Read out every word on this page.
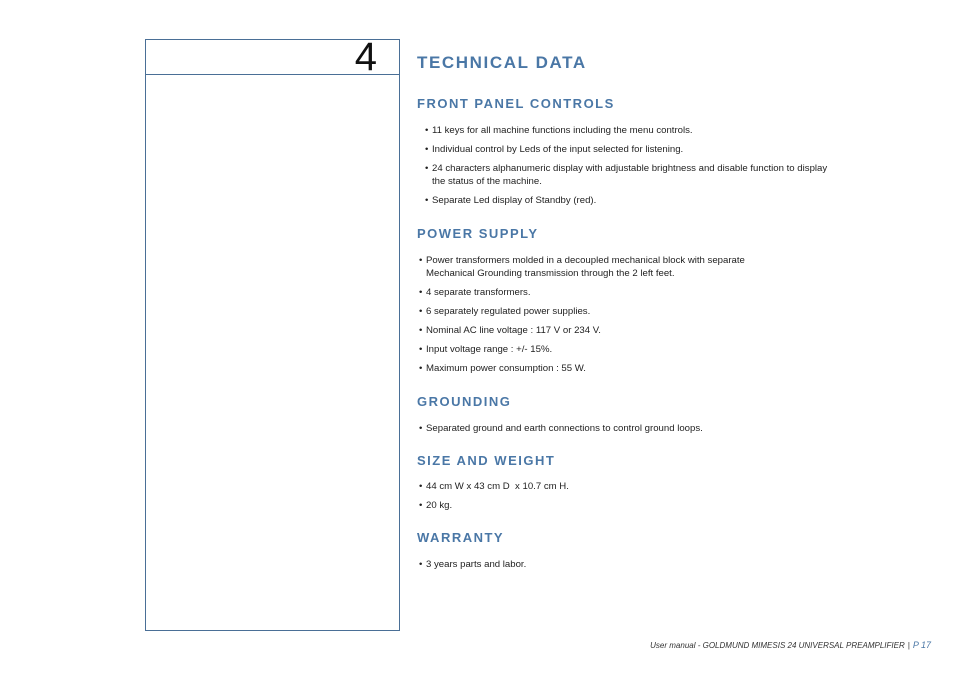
4 TECHNICAL DATA
FRONT PANEL CONTROLS
• 11 keys for all machine functions including the menu controls.
• Individual control by Leds of the input selected for listening.
• 24 characters alphanumeric display with adjustable brightness and disable function to display the status of the machine.
• Separate Led display of Standby (red).
POWER SUPPLY
• Power transformers molded in a decoupled mechanical block with separate Mechanical Grounding transmission through the 2 left feet.
• 4 separate transformers.
• 6 separately regulated power supplies.
• Nominal AC line voltage : 117 V or 234 V.
• Input voltage range : +/- 15%.
• Maximum power consumption : 55 W.
GROUNDING
• Separated ground and earth connections to control ground loops.
SIZE AND WEIGHT
• 44 cm W x 43 cm D  x 10.7 cm H.
• 20 kg.
WARRANTY
• 3 years parts and labor.
User manual - GOLDMUND MIMESIS 24 UNIVERSAL PREAMPLIFIER | P 17
